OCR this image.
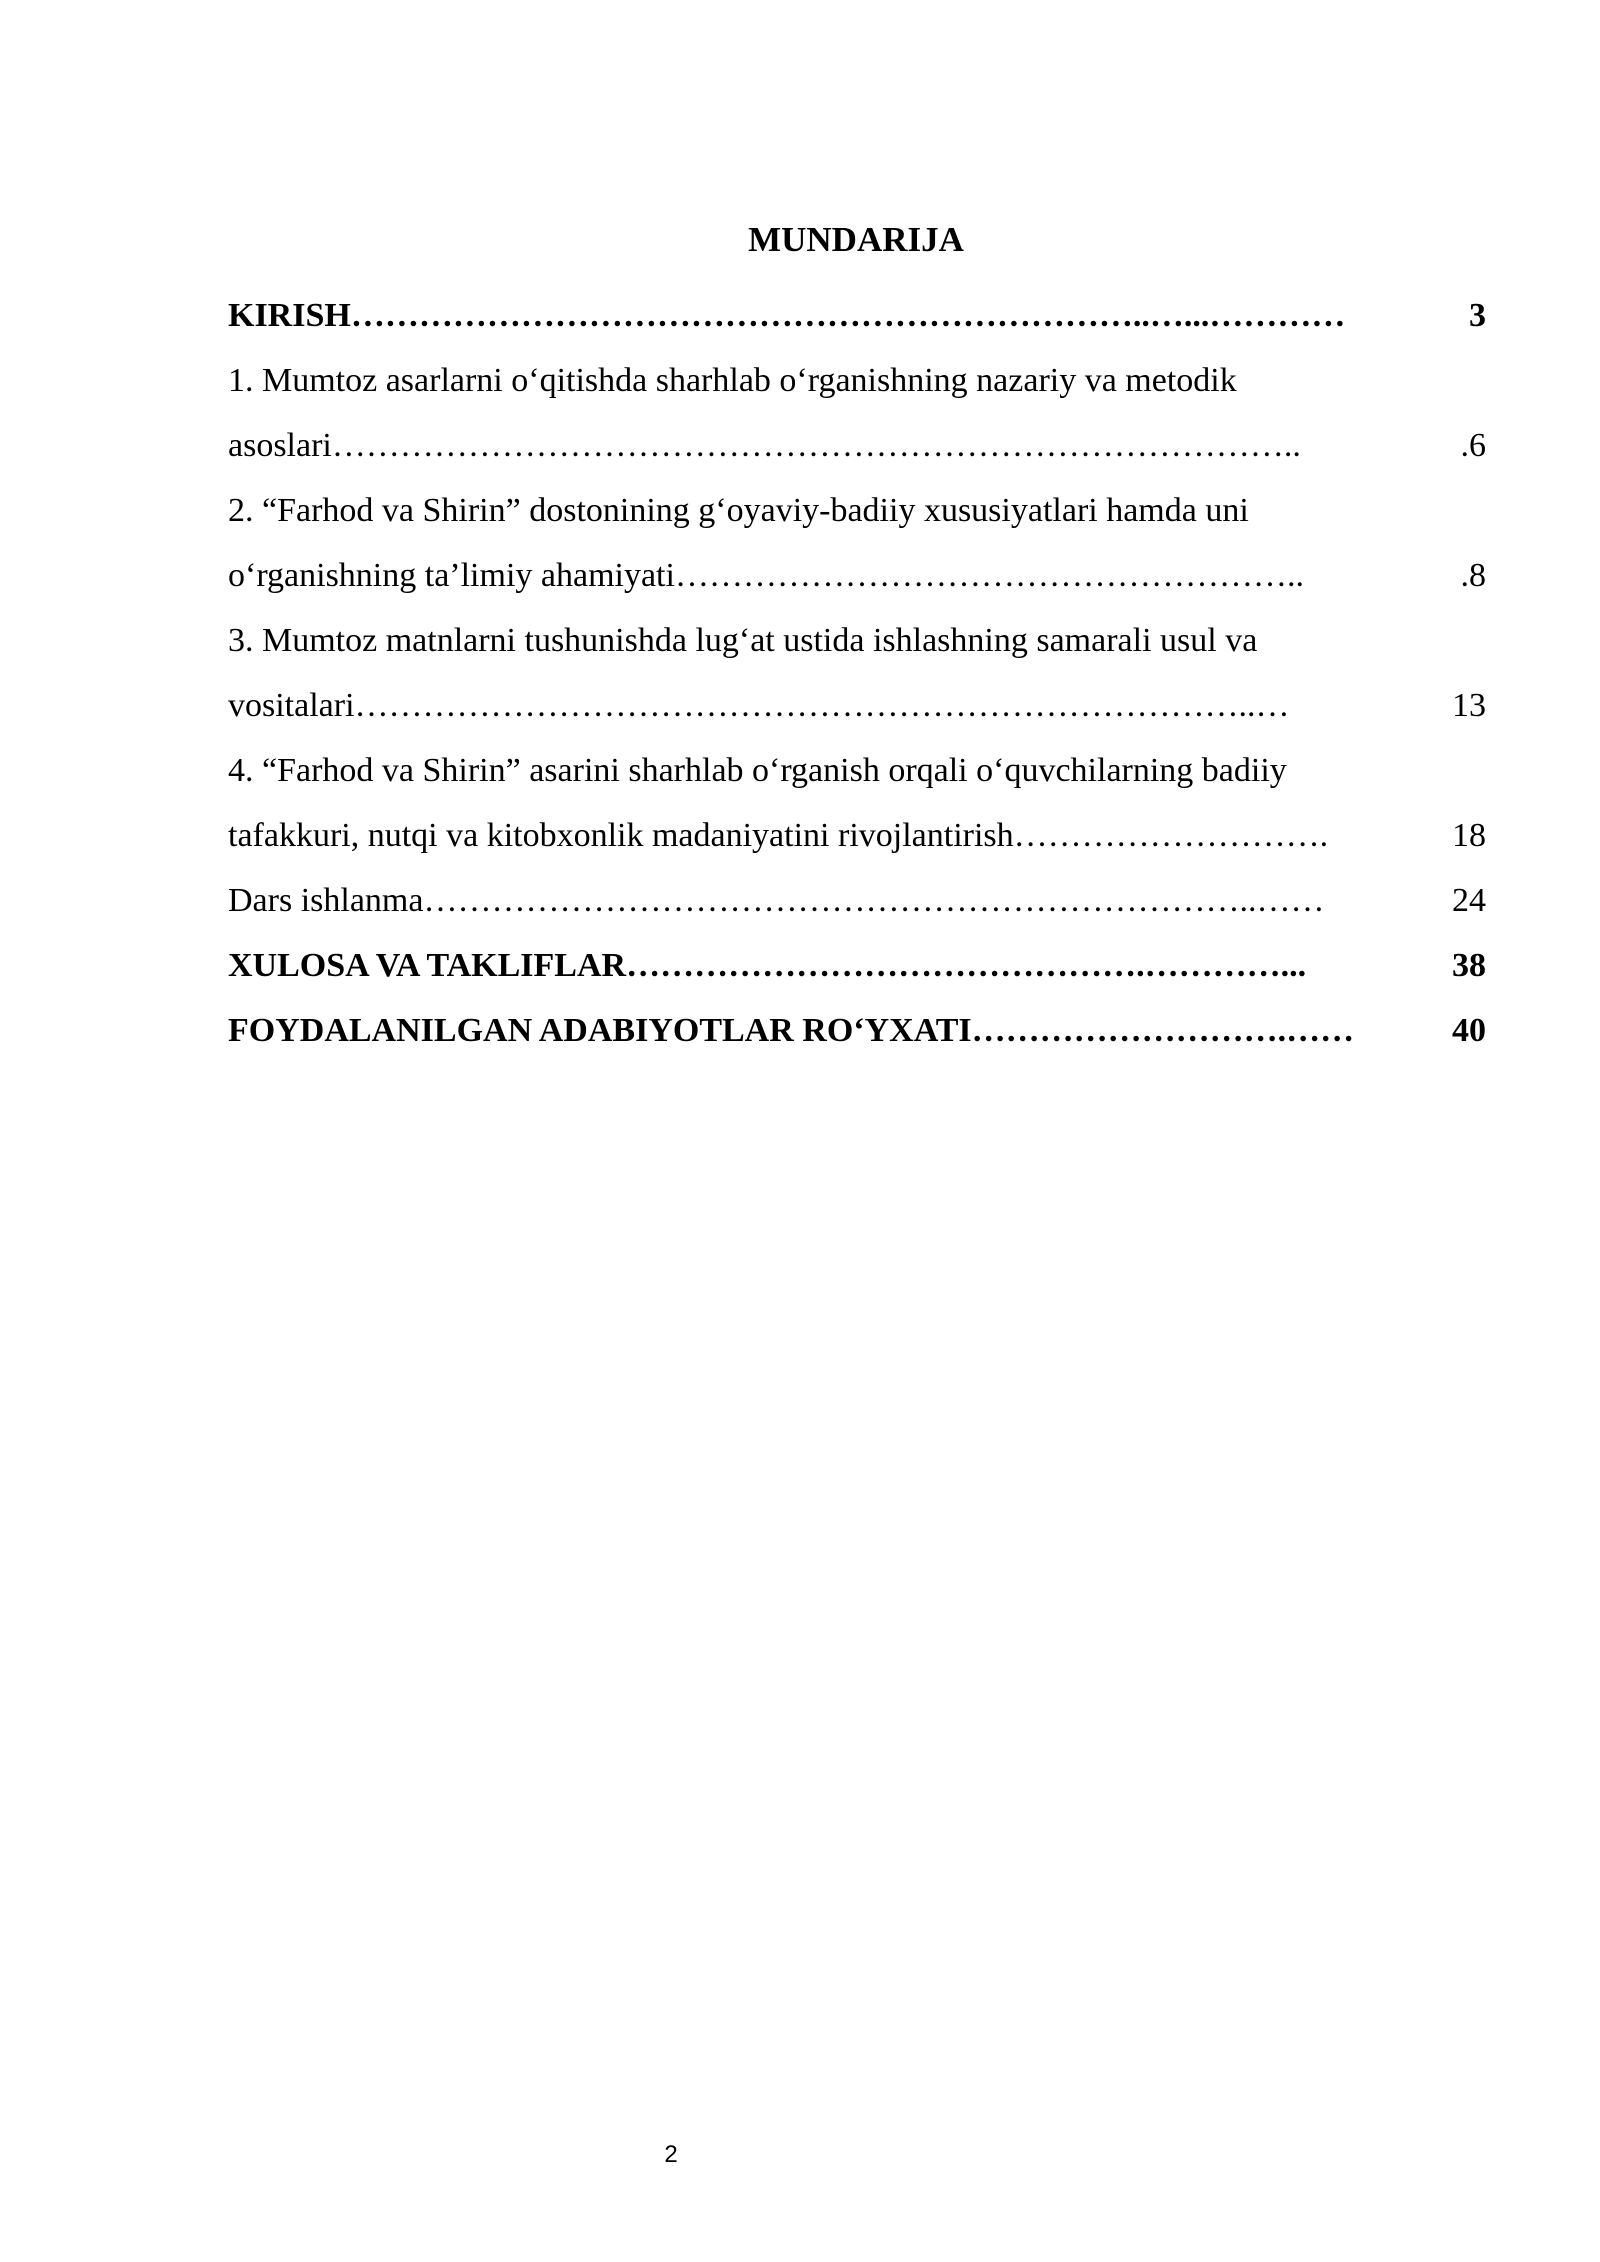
MUNDARIJA
KIRISH ……………………………………………………………..…...…………	3
1. Mumtoz asarlarni o‘qitishda sharhlab o‘rganishning nazariy va metodik
asoslari …………………………………………………………………………..	.6
2. “Farhod va Shirin” dostonining g‘oyaviy-badiiy xususiyatlari hamda uni
o‘rganishning ta’limiy ahamiyati ………………………………………………..	.8
3. Mumtoz matnlarni tushunishda lug‘at ustida ishlashning samarali usul va
vositalari ……………………………………………………………………..…	13
4. “Farhod va Shirin” asarini sharhlab o‘rganish orqali o‘quvchilarning badiiy
tafakkuri, nutqi va kitobxonlik madaniyatini rivojlantirish ……………………….	18
Dars ishlanma ………………………………………………………………..……	24
XULOSA VA TAKLIFLAR ……………………………………….…………...	38
FOYDALANILGAN ADABIYOTLAR RO‘YXATI ……………………….……	40
2
